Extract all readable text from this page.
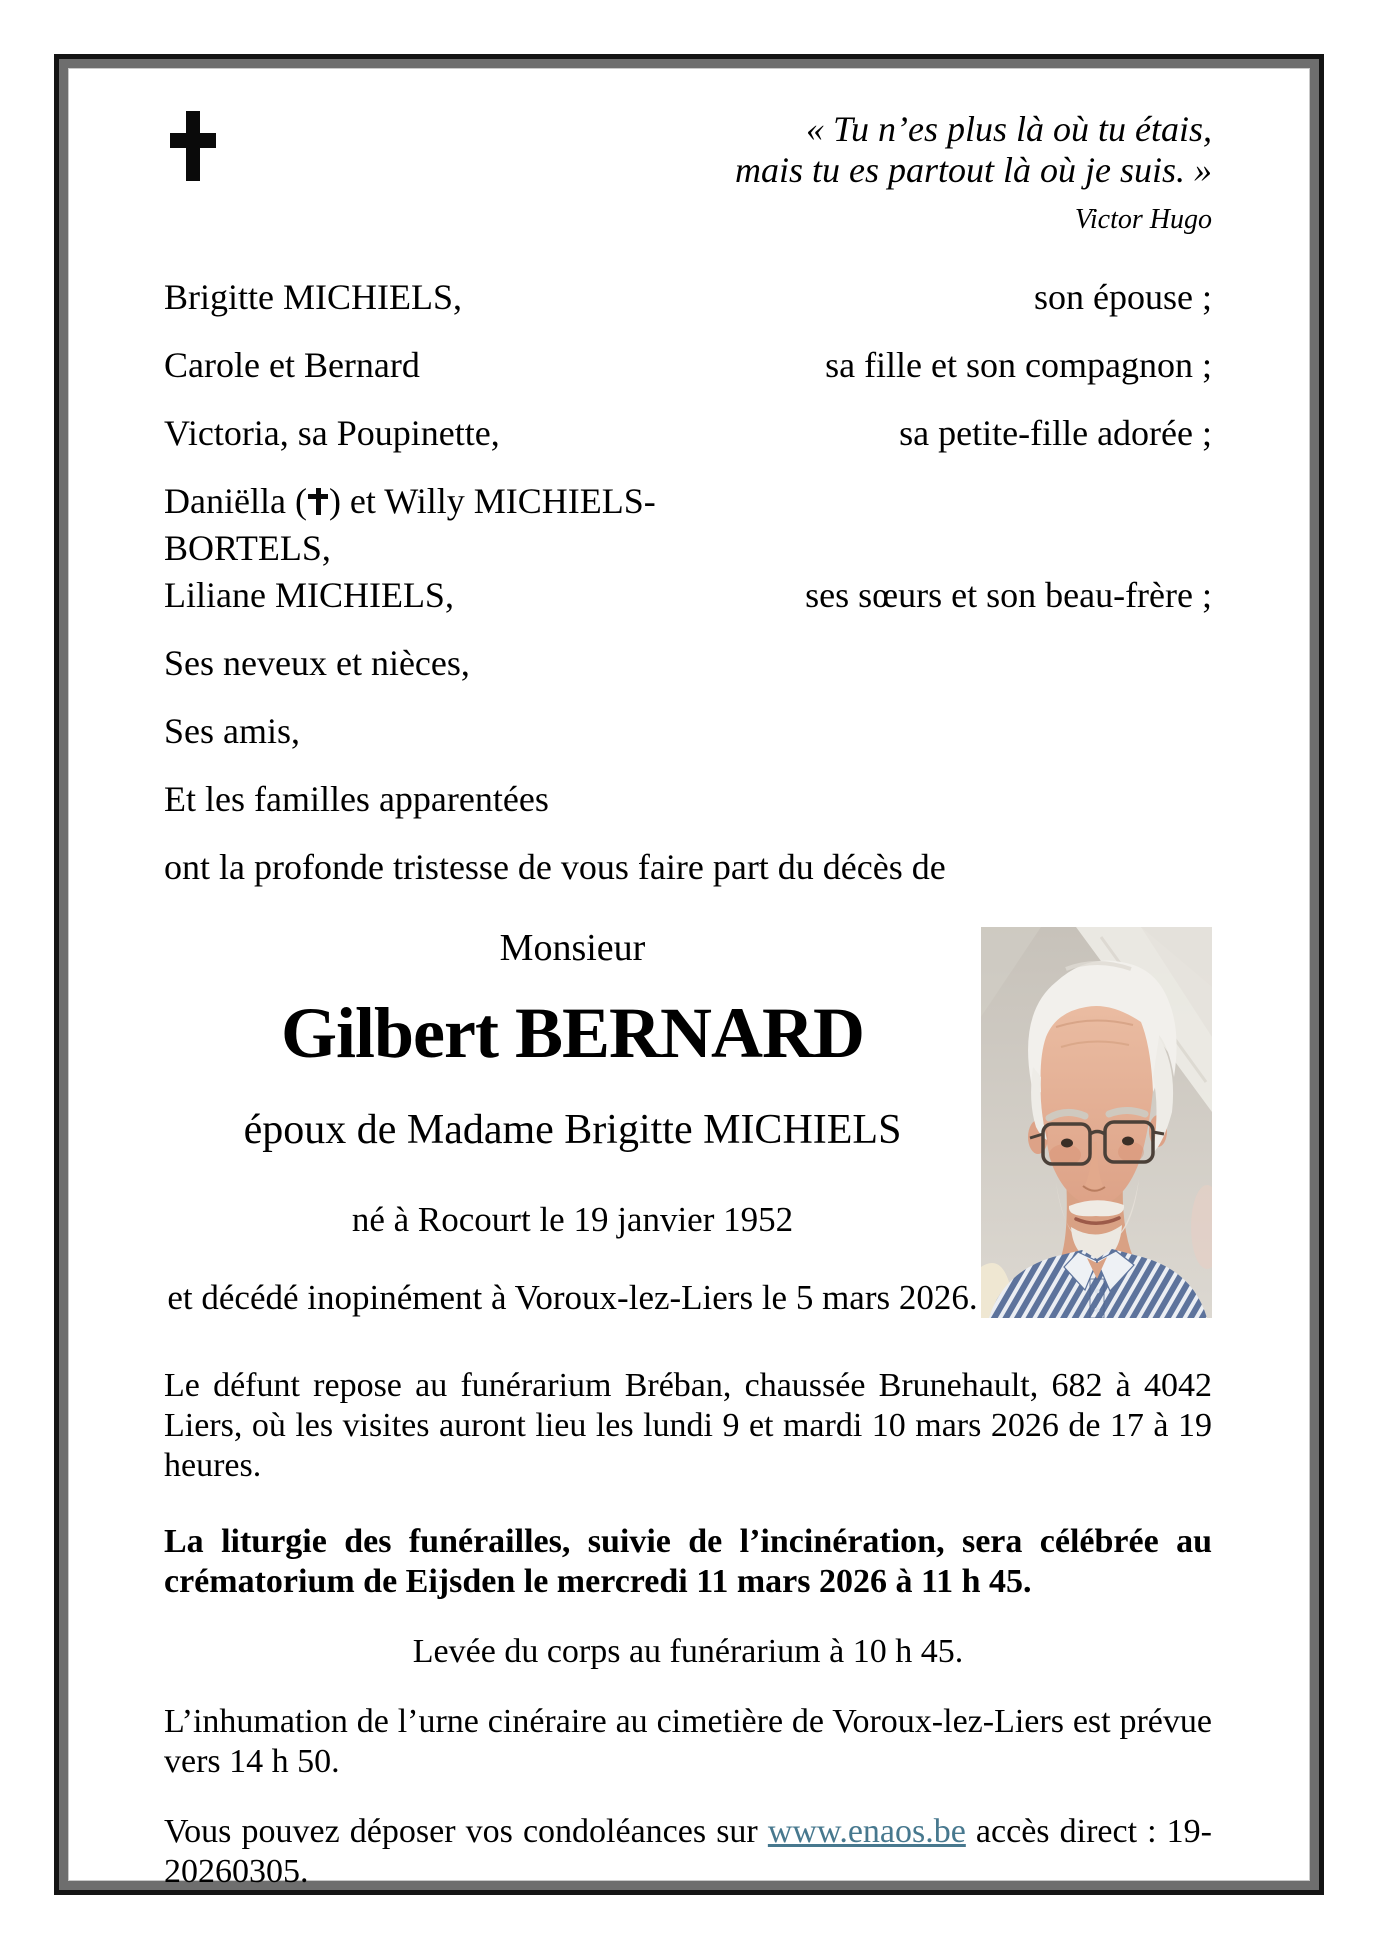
« Tu n’es plus là où tu étais,
mais tu es partout là où je suis. »
Victor Hugo
Brigitte MICHIELS,	son épouse ;
Carole et Bernard	sa fille et son compagnon ;
Victoria, sa Poupinette,	sa petite-fille adorée ;
Daniëlla ( ) et Willy MICHIELS-BORTELS,
Liliane MICHIELS,	ses sœurs et son beau-frère ;
Ses neveux et nièces,
Ses amis,
Et les familles apparentées
ont la profonde tristesse de vous faire part du décès de
Monsieur
Gilbert BERNARD
époux de Madame Brigitte MICHIELS
né à Rocourt le 19 janvier 1952
et décédé inopinément à Voroux-lez-Liers le 5 mars 2026.

Le défunt repose au funérarium Bréban, chaussée Brunehault, 682 à 4042 Liers, où les visites auront lieu les lundi 9 et mardi 10 mars 2026 de 17 à 19 heures.

La liturgie des funérailles, suivie de l’incinération, sera célébrée au crématorium de Eijsden le mercredi 11 mars 2026 à 11 h 45.

Levée du corps au funérarium à 10 h 45.

L’inhumation de l’urne cinéraire au cimetière de Voroux-lez-Liers est prévue vers 14 h 50.

Vous pouvez déposer vos condoléances sur www.enaos.be accès direct : 19-20260305.
